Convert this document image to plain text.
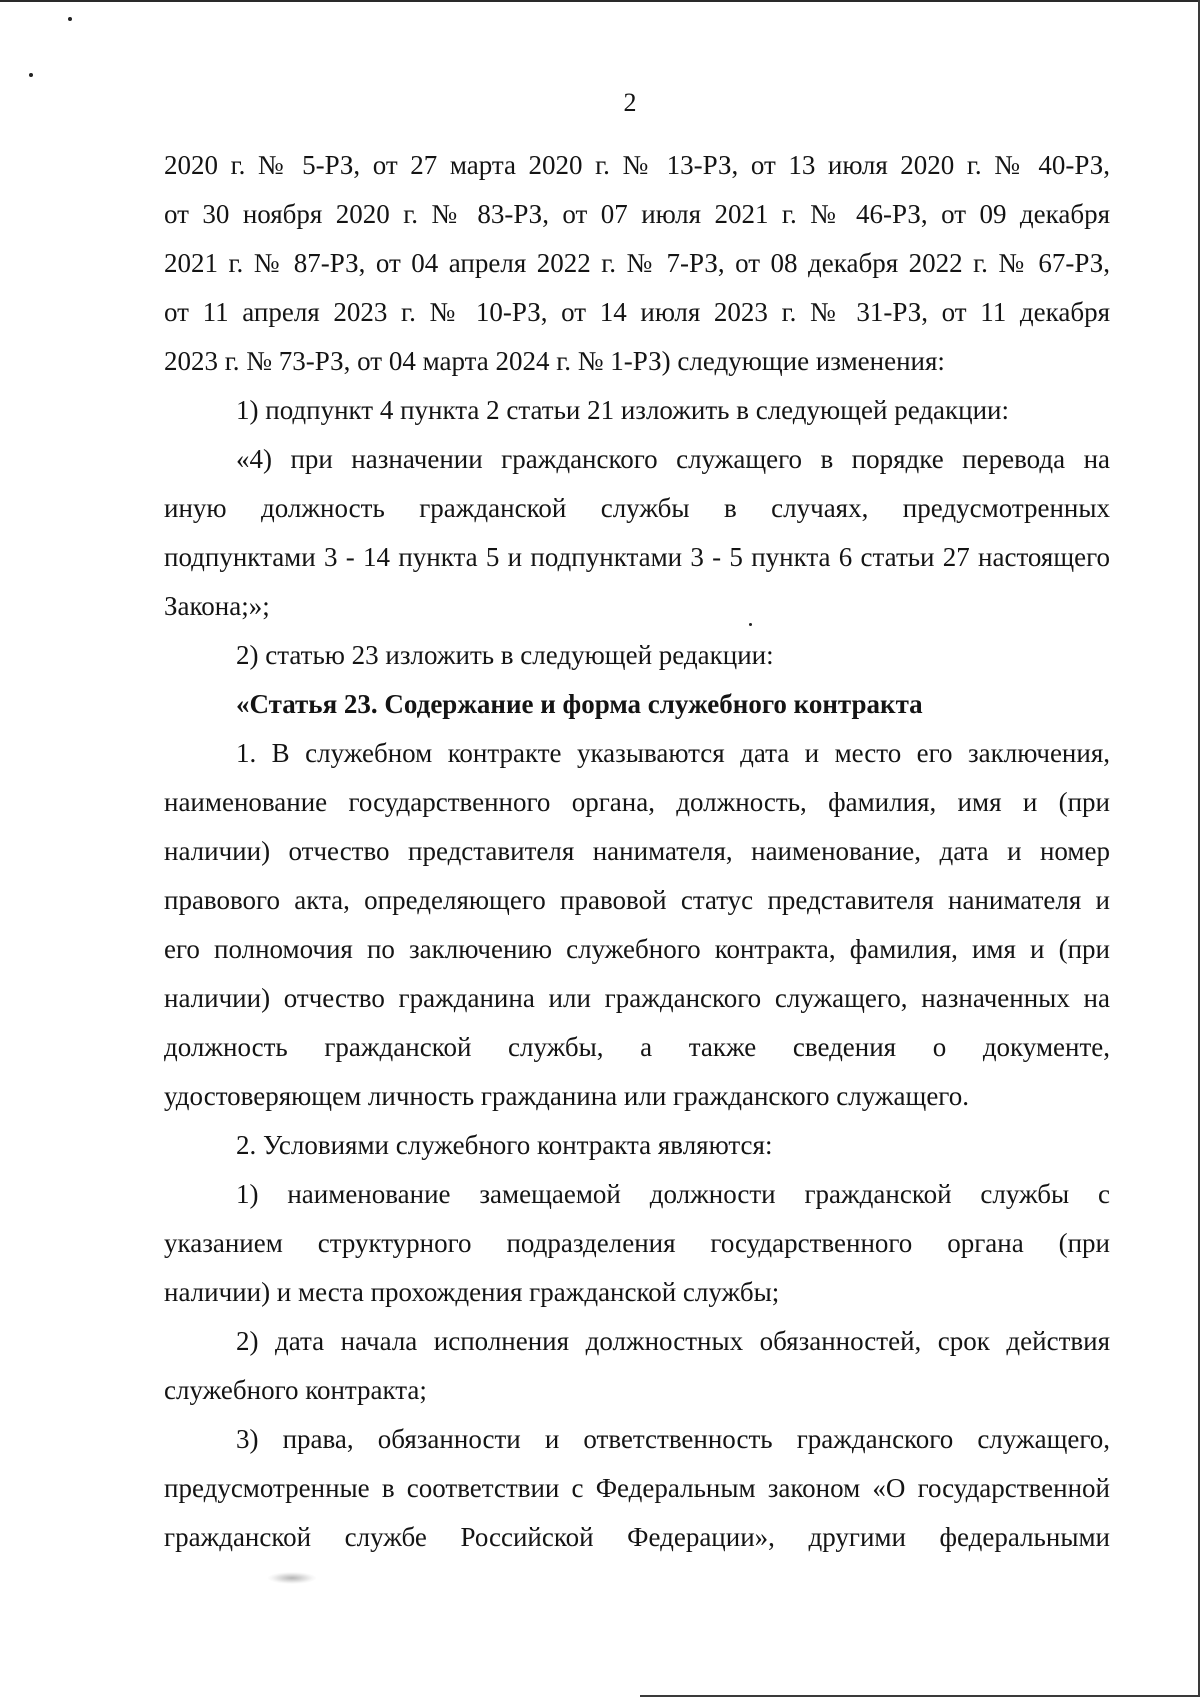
2
2020 г. № 5-РЗ, от 27 марта 2020 г. № 13-РЗ, от 13 июля 2020 г. № 40-РЗ,
от 30 ноября 2020 г. № 83-РЗ, от 07 июля 2021 г. № 46-РЗ, от 09 декабря
2021 г. № 87-РЗ, от 04 апреля 2022 г. № 7-РЗ, от 08 декабря 2022 г. № 67-РЗ,
от 11 апреля 2023 г. № 10-РЗ, от 14 июля 2023 г. № 31-РЗ, от 11 декабря
2023 г. № 73-РЗ, от 04 марта 2024 г. № 1-РЗ) следующие изменения:
1) подпункт 4 пункта 2 статьи 21 изложить в следующей редакции:
«4) при назначении гражданского служащего в порядке перевода на
иную должность гражданской службы в случаях, предусмотренных
подпунктами 3 - 14 пункта 5 и подпунктами 3 - 5 пункта 6 статьи 27 настоящего
Закона;»;
2) статью 23 изложить в следующей редакции:
«Статья 23. Содержание и форма служебного контракта
1. В служебном контракте указываются дата и место его заключения,
наименование государственного органа, должность, фамилия, имя и (при
наличии) отчество представителя нанимателя, наименование, дата и номер
правового акта, определяющего правовой статус представителя нанимателя и
его полномочия по заключению служебного контракта, фамилия, имя и (при
наличии) отчество гражданина или гражданского служащего, назначенных на
должность гражданской службы, а также сведения о документе,
удостоверяющем личность гражданина или гражданского служащего.
2. Условиями служебного контракта являются:
1) наименование замещаемой должности гражданской службы с
указанием структурного подразделения государственного органа (при
наличии) и места прохождения гражданской службы;
2) дата начала исполнения должностных обязанностей, срок действия
служебного контракта;
3) права, обязанности и ответственность гражданского служащего,
предусмотренные в соответствии с Федеральным законом «О государственной
гражданской службе Российской Федерации», другими федеральными
